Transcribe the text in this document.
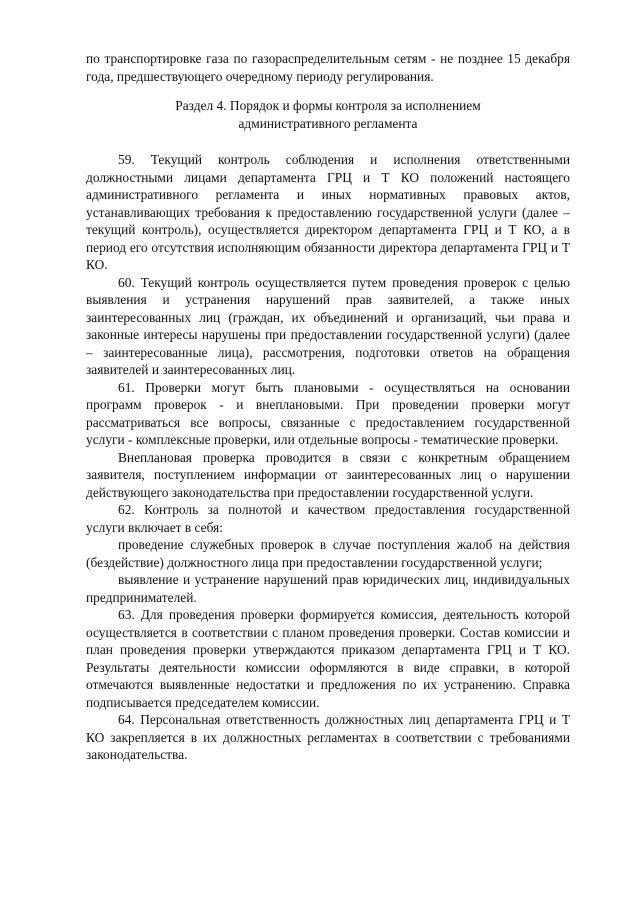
по транспортировке газа по газораспределительным сетям - не позднее 15 декабря года, предшествующего очередному периоду регулирования.

Раздел 4. Порядок и формы контроля за исполнением
административного регламента

59. Текущий контроль соблюдения и исполнения ответственными должностными лицами департамента ГРЦ и Т КО положений настоящего административного регламента и иных нормативных правовых актов, устанавливающих требования к предоставлению государственной услуги (далее – текущий контроль), осуществляется директором департамента ГРЦ и Т КО, а в период его отсутствия исполняющим обязанности директора департамента ГРЦ и Т КО.

60. Текущий контроль осуществляется путем проведения проверок с целью выявления и устранения нарушений прав заявителей, а также иных заинтересованных лиц (граждан, их объединений и организаций, чьи права и законные интересы нарушены при предоставлении государственной услуги) (далее – заинтересованные лица), рассмотрения, подготовки ответов на обращения заявителей и заинтересованных лиц.

61. Проверки могут быть плановыми - осуществляться на основании программ проверок - и внеплановыми. При проведении проверки могут рассматриваться все вопросы, связанные с предоставлением государственной услуги - комплексные проверки, или отдельные вопросы - тематические проверки.

Внеплановая проверка проводится в связи с конкретным обращением заявителя, поступлением информации от заинтересованных лиц о нарушении действующего законодательства при предоставлении государственной услуги.

62. Контроль за полнотой и качеством предоставления государственной услуги включает в себя:

проведение служебных проверок в случае поступления жалоб на действия (бездействие) должностного лица при предоставлении государственной услуги;

выявление и устранение нарушений прав юридических лиц, индивидуальных предпринимателей.

63. Для проведения проверки формируется комиссия, деятельность которой осуществляется в соответствии с планом проведения проверки. Состав комиссии и план проведения проверки утверждаются приказом департамента ГРЦ и Т КО. Результаты деятельности комиссии оформляются в виде справки, в которой отмечаются выявленные недостатки и предложения по их устранению. Справка подписывается председателем комиссии.

64. Персональная ответственность должностных лиц департамента ГРЦ и Т КО закрепляется в их должностных регламентах в соответствии с требованиями законодательства.
